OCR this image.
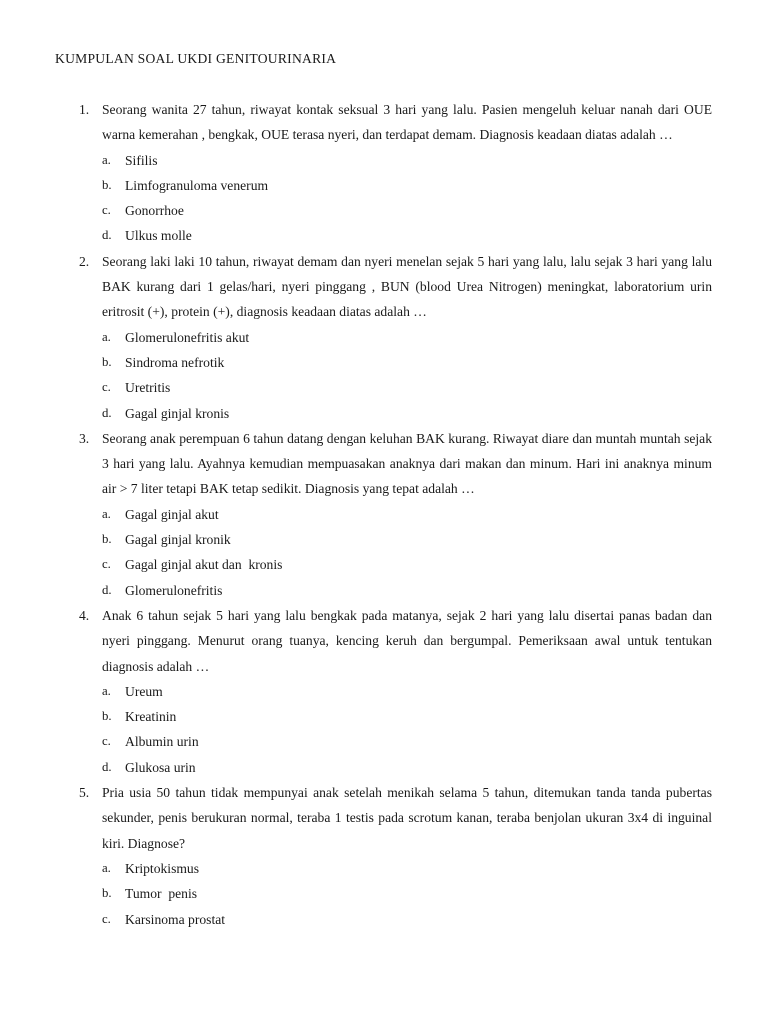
KUMPULAN SOAL UKDI GENITOURINARIA
1. Seorang wanita 27 tahun, riwayat kontak seksual 3 hari yang lalu. Pasien mengeluh keluar nanah dari OUE warna kemerahan , bengkak, OUE terasa nyeri, dan terdapat demam. Diagnosis keadaan diatas adalah …

a. Sifilis
b. Limfogranuloma venerum
c. Gonorrhoe
d. Ulkus molle
2. Seorang laki laki 10 tahun, riwayat demam dan nyeri menelan sejak 5 hari yang lalu, lalu sejak 3 hari yang lalu BAK kurang dari 1 gelas/hari, nyeri pinggang , BUN (blood Urea Nitrogen) meningkat, laboratorium urin eritrosit (+), protein (+), diagnosis keadaan diatas adalah …

a. Glomerulonefritis akut
b. Sindroma nefrotik
c. Uretritis
d. Gagal ginjal kronis
3. Seorang anak perempuan 6 tahun datang dengan keluhan BAK kurang. Riwayat diare dan muntah muntah sejak 3 hari yang lalu. Ayahnya kemudian mempuasakan anaknya dari makan dan minum. Hari ini anaknya minum air > 7 liter tetapi BAK tetap sedikit. Diagnosis yang tepat adalah …

a. Gagal ginjal akut
b. Gagal ginjal kronik
c. Gagal ginjal akut dan  kronis
d. Glomerulonefritis
4. Anak 6 tahun sejak 5 hari yang lalu bengkak pada matanya, sejak 2 hari yang lalu disertai panas badan dan nyeri pinggang. Menurut orang tuanya, kencing keruh dan bergumpal. Pemeriksaan awal untuk tentukan diagnosis adalah …

a. Ureum
b. Kreatinin
c. Albumin urin
d. Glukosa urin
5. Pria usia 50 tahun tidak mempunyai anak setelah menikah selama 5 tahun, ditemukan tanda tanda pubertas sekunder, penis berukuran normal, teraba 1 testis pada scrotum kanan, teraba benjolan ukuran 3x4 di inguinal kiri. Diagnose?

a. Kriptokismus
b. Tumor  penis
c. Karsinoma prostat
